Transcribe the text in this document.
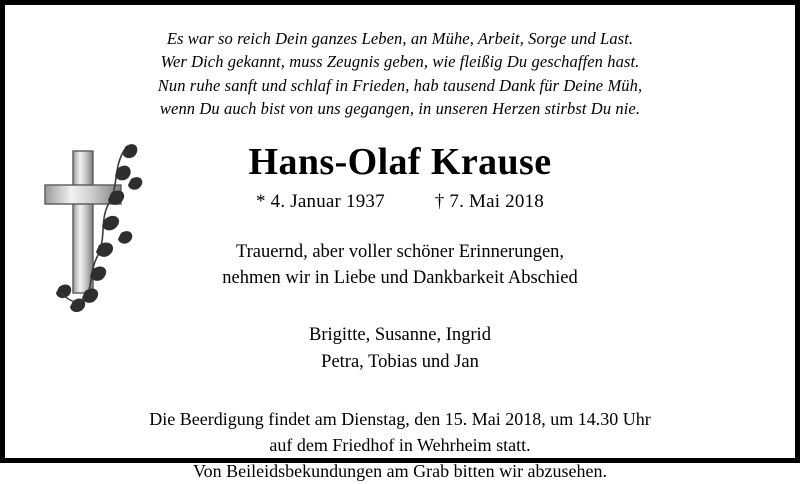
Es war so reich Dein ganzes Leben, an Mühe, Arbeit, Sorge und Last.
Wer Dich gekannt, muss Zeugnis geben, wie fleißig Du geschaffen hast.
Nun ruhe sanft und schlaf in Frieden, hab tausend Dank für Deine Müh,
wenn Du auch bist von uns gegangen, in unseren Herzen stirbst Du nie.
Hans-Olaf Krause
* 4. Januar 1937	† 7. Mai 2018
Trauernd, aber voller schöner Erinnerungen,
nehmen wir in Liebe und Dankbarkeit Abschied
Brigitte, Susanne, Ingrid
Petra, Tobias und Jan
Die Beerdigung findet am Dienstag, den 15. Mai 2018, um 14.30 Uhr
auf dem Friedhof in Wehrheim statt.
Von Beileidsbekundungen am Grab bitten wir abzusehen.
